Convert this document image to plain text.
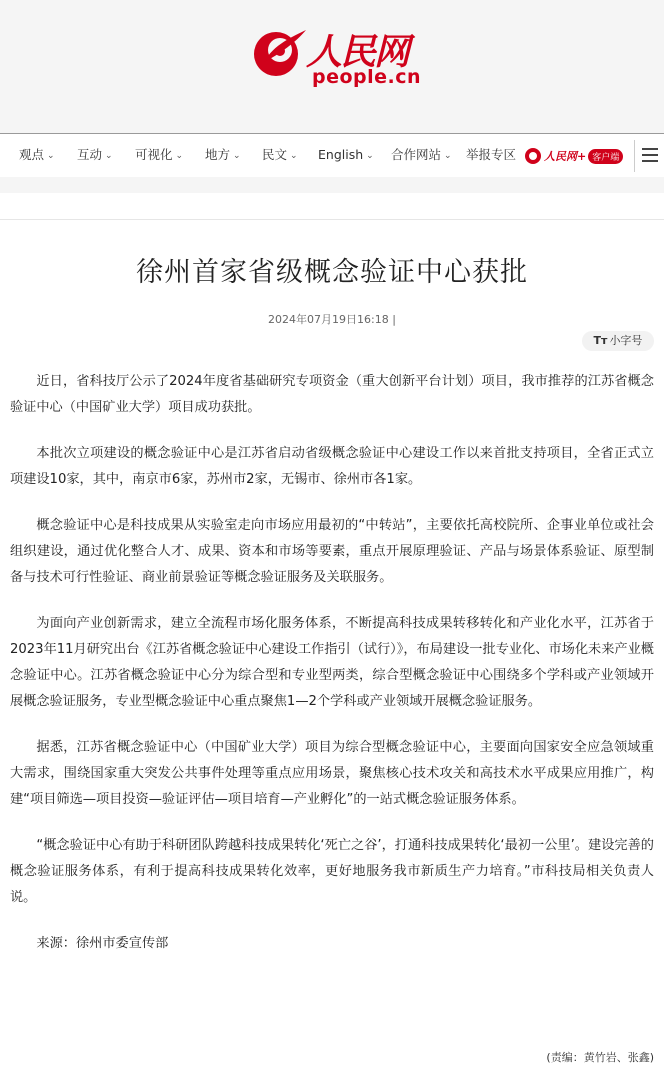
人民网
people.cn
观点 ⌄ 互动 ⌄ 可视化 ⌄ 地方 ⌄ 民文 ⌄ English ⌄ 合作网站 ⌄ 举报专区	人民网+ 客户端
徐州首家省级概念验证中心获批
2024年07月19日16:18 |
Tт 小字号

近日，省科技厅公示了2024年度省基础研究专项资金（重大创新平台计划）项目，我市推荐的江苏省概念验证中心（中国矿业大学）项目成功获批。

本批次立项建设的概念验证中心是江苏省启动省级概念验证中心建设工作以来首批支持项目，全省正式立项建设10家，其中，南京市6家，苏州市2家，无锡市、徐州市各1家。

概念验证中心是科技成果从实验室走向市场应用最初的“中转站”，主要依托高校院所、企事业单位或社会组织建设，通过优化整合人才、成果、资本和市场等要素，重点开展原理验证、产品与场景体系验证、原型制备与技术可行性验证、商业前景验证等概念验证服务及关联服务。

为面向产业创新需求，建立全流程市场化服务体系，不断提高科技成果转移转化和产业化水平，江苏省于2023年11月研究出台《江苏省概念验证中心建设工作指引（试行）》，布局建设一批专业化、市场化未来产业概念验证中心。江苏省概念验证中心分为综合型和专业型两类，综合型概念验证中心围绕多个学科或产业领域开展概念验证服务，专业型概念验证中心重点聚焦1—2个学科或产业领域开展概念验证服务。

据悉，江苏省概念验证中心（中国矿业大学）项目为综合型概念验证中心，主要面向国家安全应急领域重大需求，围绕国家重大突发公共事件处理等重点应用场景，聚焦核心技术攻关和高技术水平成果应用推广，构建“项目筛选—项目投资—验证评估—项目培育—产业孵化”的一站式概念验证服务体系。

“概念验证中心有助于科研团队跨越科技成果转化‘死亡之谷’，打通科技成果转化‘最初一公里’。建设完善的概念验证服务体系，有利于提高科技成果转化效率，更好地服务我市新质生产力培育。”市科技局相关负责人说。

来源：徐州市委宣传部

(责编：黄竹岩、张鑫)
